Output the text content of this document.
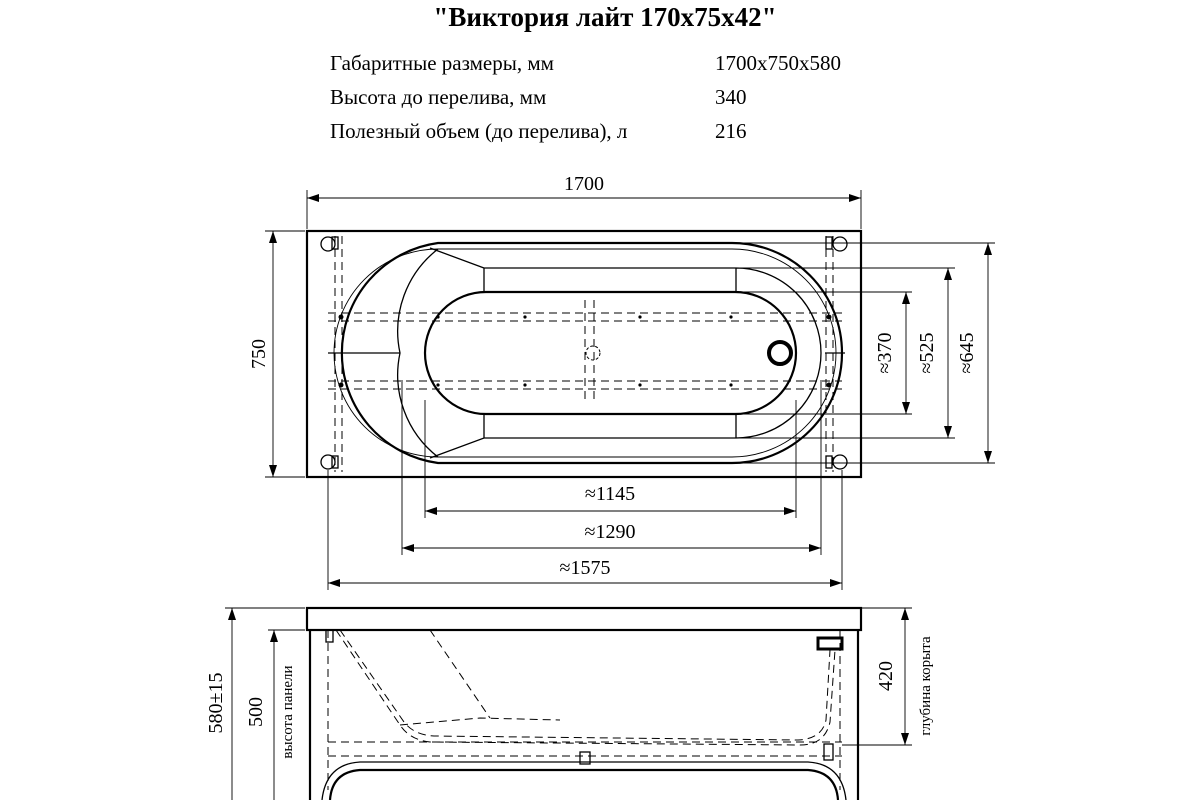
"Виктория лайт 170х75х42"
Габаритные размеры, мм	1700х750х580
Высота до перелива, мм	340
Полезный объем (до перелива), л	216
1700
750	≈370 ≈525 ≈645
≈1145
≈1290
≈1575
580±15 500 высота панели	420 глубина корыта
